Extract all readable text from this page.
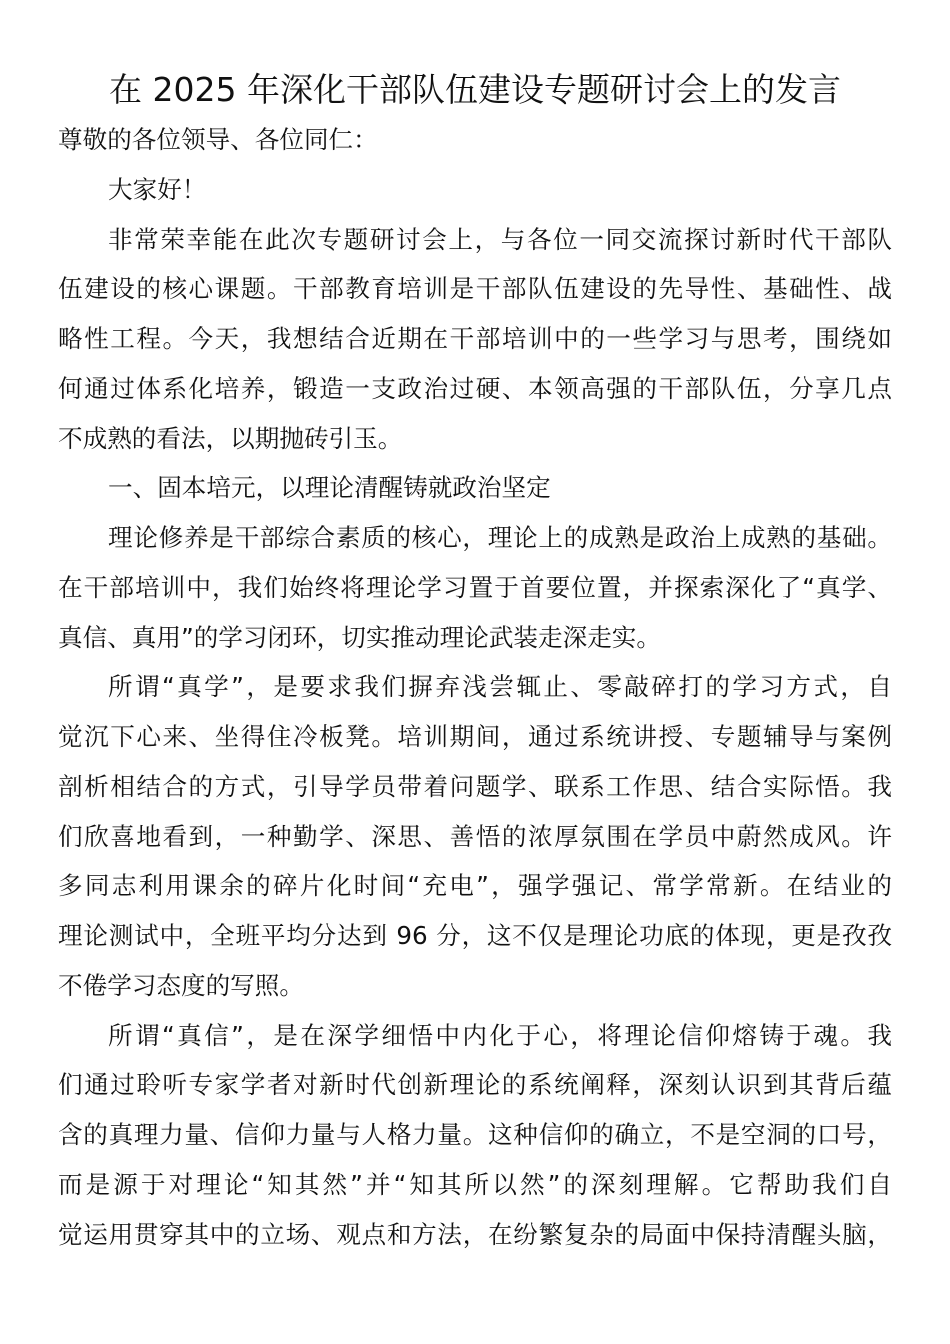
在 2025 年深化干部队伍建设专题研讨会上的发言
尊敬的各位领导、各位同仁：
大家好！
非常荣幸能在此次专题研讨会上，与各位一同交流探讨新时代干部队
伍建设的核心课题。干部教育培训是干部队伍建设的先导性、基础性、战
略性工程。今天，我想结合近期在干部培训中的一些学习与思考，围绕如
何通过体系化培养，锻造一支政治过硬、本领高强的干部队伍，分享几点
不成熟的看法，以期抛砖引玉。
一、固本培元，以理论清醒铸就政治坚定
理论修养是干部综合素质的核心，理论上的成熟是政治上成熟的基础。
在干部培训中，我们始终将理论学习置于首要位置，并探索深化了“真学、
真信、真用”的学习闭环，切实推动理论武装走深走实。
所谓“真学”，是要求我们摒弃浅尝辄止、零敲碎打的学习方式，自
觉沉下心来、坐得住冷板凳。培训期间，通过系统讲授、专题辅导与案例
剖析相结合的方式，引导学员带着问题学、联系工作思、结合实际悟。我
们欣喜地看到，一种勤学、深思、善悟的浓厚氛围在学员中蔚然成风。许
多同志利用课余的碎片化时间“充电”，强学强记、常学常新。在结业的
理论测试中，全班平均分达到 96 分，这不仅是理论功底的体现，更是孜孜
不倦学习态度的写照。
所谓“真信”，是在深学细悟中内化于心，将理论信仰熔铸于魂。我
们通过聆听专家学者对新时代创新理论的系统阐释，深刻认识到其背后蕴
含的真理力量、信仰力量与人格力量。这种信仰的确立，不是空洞的口号，
而是源于对理论“知其然”并“知其所以然”的深刻理解。它帮助我们自
觉运用贯穿其中的立场、观点和方法，在纷繁复杂的局面中保持清醒头脑，
